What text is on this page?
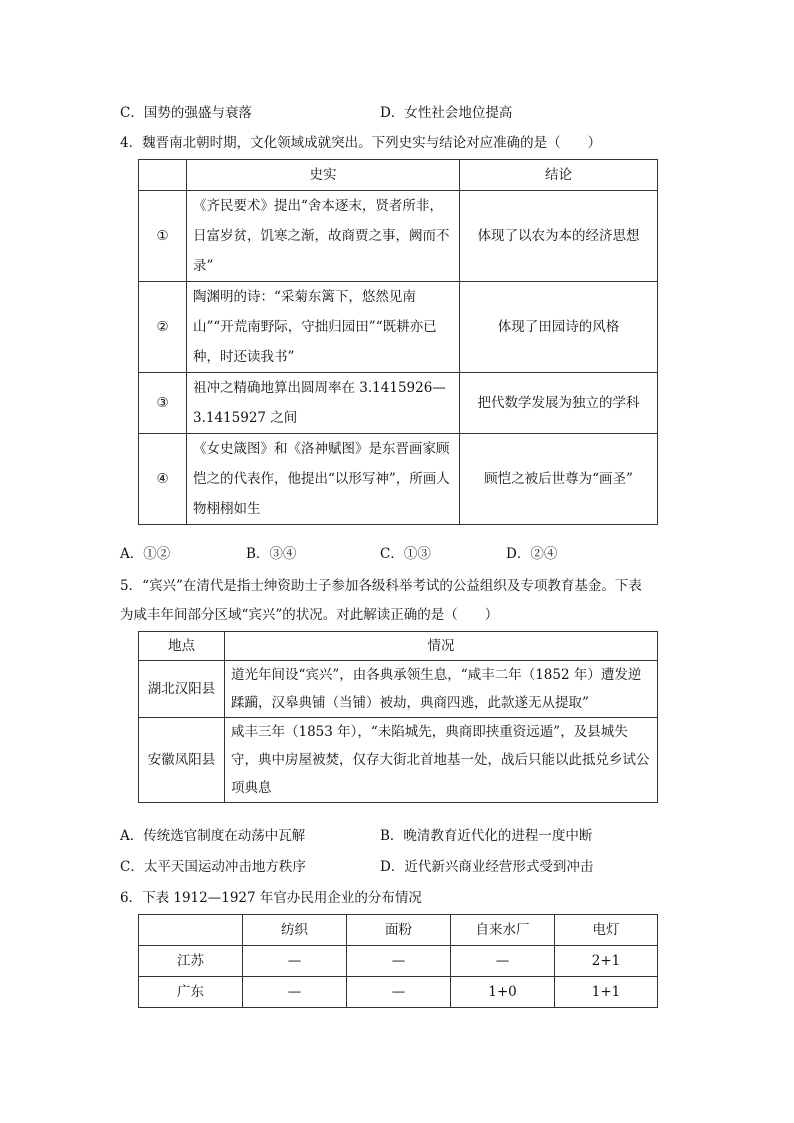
C．国势的强盛与衰落	D．女性社会地位提高
4．魏晋南北朝时期，文化领域成就突出。下列史实与结论对应准确的是（　　）
	史实	结论
①	《齐民要术》提出“舍本逐末，贤者所非，日富岁贫，饥寒之渐，故商贾之事，阙而不录”	体现了以农为本的经济思想
②	陶渊明的诗：“采菊东篱下，悠然见南山”“开荒南野际，守拙归园田”“既耕亦已种，时还读我书”	体现了田园诗的风格
③	祖冲之精确地算出圆周率在 3.1415926—3.1415927 之间	把代数学发展为独立的学科
④	《女史箴图》和《洛神赋图》是东晋画家顾恺之的代表作，他提出“以形写神”，所画人物栩栩如生	顾恺之被后世尊为“画圣”
A．①②	B．③④	C．①③	D．②④
5．“宾兴”在清代是指士绅资助士子参加各级科举考试的公益组织及专项教育基金。下表
为咸丰年间部分区域“宾兴”的状况。对此解读正确的是（　　）
地点	情况
湖北汉阳县	道光年间设“宾兴”，由各典承领生息，“咸丰二年（1852 年）遭发逆蹂躏，汉皋典铺（当铺）被劫，典商四逃，此款遂无从提取”
安徽凤阳县	咸丰三年（1853 年），“未陷城先，典商即挟重资远遁”，及县城失守，典中房屋被焚，仅存大街北首地基一处，战后只能以此抵兑乡试公项典息
A．传统选官制度在动荡中瓦解	B．晚清教育近代化的进程一度中断
C．太平天国运动冲击地方秩序	D．近代新兴商业经营形式受到冲击
6．下表 1912—1927 年官办民用企业的分布情况
	纺织	面粉	自来水厂	电灯
江苏	—	—	—	2+1
广东	—	—	1+0	1+1
